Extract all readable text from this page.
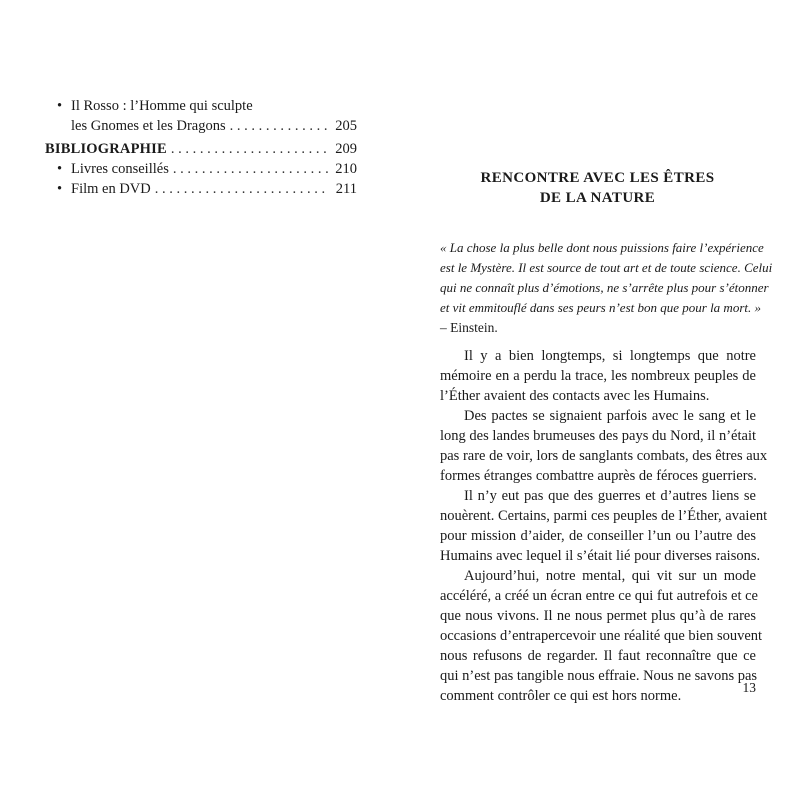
• Il Rosso : l’Homme qui sculpte
les Gnomes et les Dragons . . .	205
BIBLIOGRAPHIE . . .	209
• Livres conseillés . . .	210
• Film en DVD . . .	211
RENCONTRE AVEC LES ÊTRES
DE LA NATURE
« La chose la plus belle dont nous puissions faire l’expérience
est le Mystère. Il est source de tout art et de toute science. Celui
qui ne connaît plus d’émotions, ne s’arrête plus pour s’étonner
et vit emmitouflé dans ses peurs n’est bon que pour la mort. »
– Einstein.
Il y a bien longtemps, si longtemps que notre
mémoire en a perdu la trace, les nombreux peuples de
l’Éther avaient des contacts avec les Humains.
Des pactes se signaient parfois avec le sang et le
long des landes brumeuses des pays du Nord, il n’était
pas rare de voir, lors de sanglants combats, des êtres aux
formes étranges combattre auprès de féroces guerriers.
Il n’y eut pas que des guerres et d’autres liens se
nouèrent. Certains, parmi ces peuples de l’Éther, avaient
pour mission d’aider, de conseiller l’un ou l’autre des
Humains avec lequel il s’était lié pour diverses raisons.
Aujourd’hui, notre mental, qui vit sur un mode
accéléré, a créé un écran entre ce qui fut autrefois et ce
que nous vivons. Il ne nous permet plus qu’à de rares
occasions d’entrapercevoir une réalité que bien souvent
nous refusons de regarder. Il faut reconnaître que ce
qui n’est pas tangible nous effraie. Nous ne savons pas
comment contrôler ce qui est hors norme.
13
